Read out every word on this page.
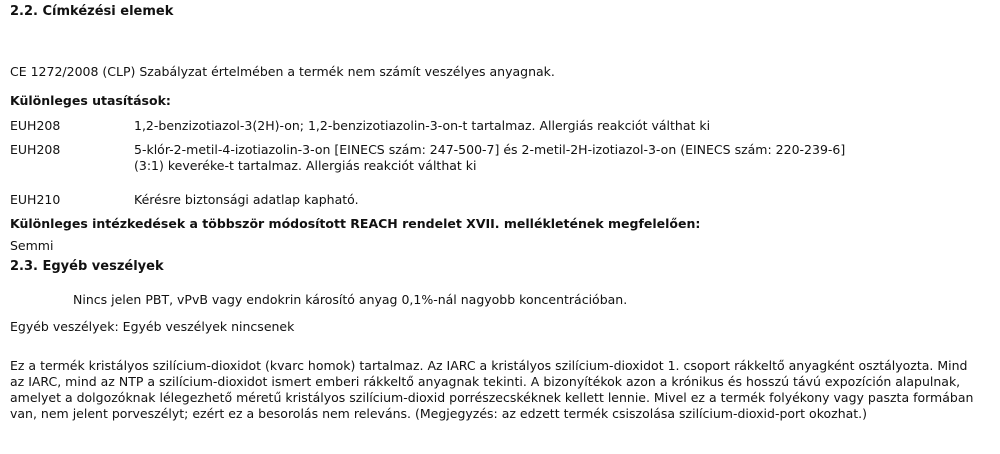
2.2. Címkézési elemek
CE 1272/2008 (CLP) Szabályzat értelmében a termék nem számít veszélyes anyagnak.
Különleges utasítások:
EUH208	1,2-benzizotiazol-3(2H)-on; 1,2-benzizotiazolin-3-on-t tartalmaz. Allergiás reakciót válthat ki
EUH208	5-klór-2-metil-4-izotiazolin-3-on [EINECS szám: 247-500-7] és 2-metil-2H-izotiazol-3-on (EINECS szám: 220-239-6] (3:1) keveréke-t tartalmaz. Allergiás reakciót válthat ki
EUH210	Kérésre biztonsági adatlap kapható.
Különleges intézkedések a többször módosított REACH rendelet XVII. mellékletének megfelelően:
Semmi
2.3. Egyéb veszélyek
Nincs jelen PBT, vPvB vagy endokrin károsító anyag 0,1%-nál nagyobb koncentrációban.
Egyéb veszélyek: Egyéb veszélyek nincsenek
Ez a termék kristályos szilícium-dioxidot (kvarc homok) tartalmaz. Az IARC a kristályos szilícium-dioxidot 1. csoport rákkeltő anyagként osztályozta. Mind az IARC, mind az NTP a szilícium-dioxidot ismert emberi rákkeltő anyagnak tekinti. A bizonyítékok azon a krónikus és hosszú távú expozíción alapulnak, amelyet a dolgozóknak lélegezhető méretű kristályos szilícium-dioxid porrészecskéknek kellett lennie. Mivel ez a termék folyékony vagy paszta formában van, nem jelent porveszélyt; ezért ez a besorolás nem releváns. (Megjegyzés: az edzett termék csiszolása szilícium-dioxid-port okozhat.)
